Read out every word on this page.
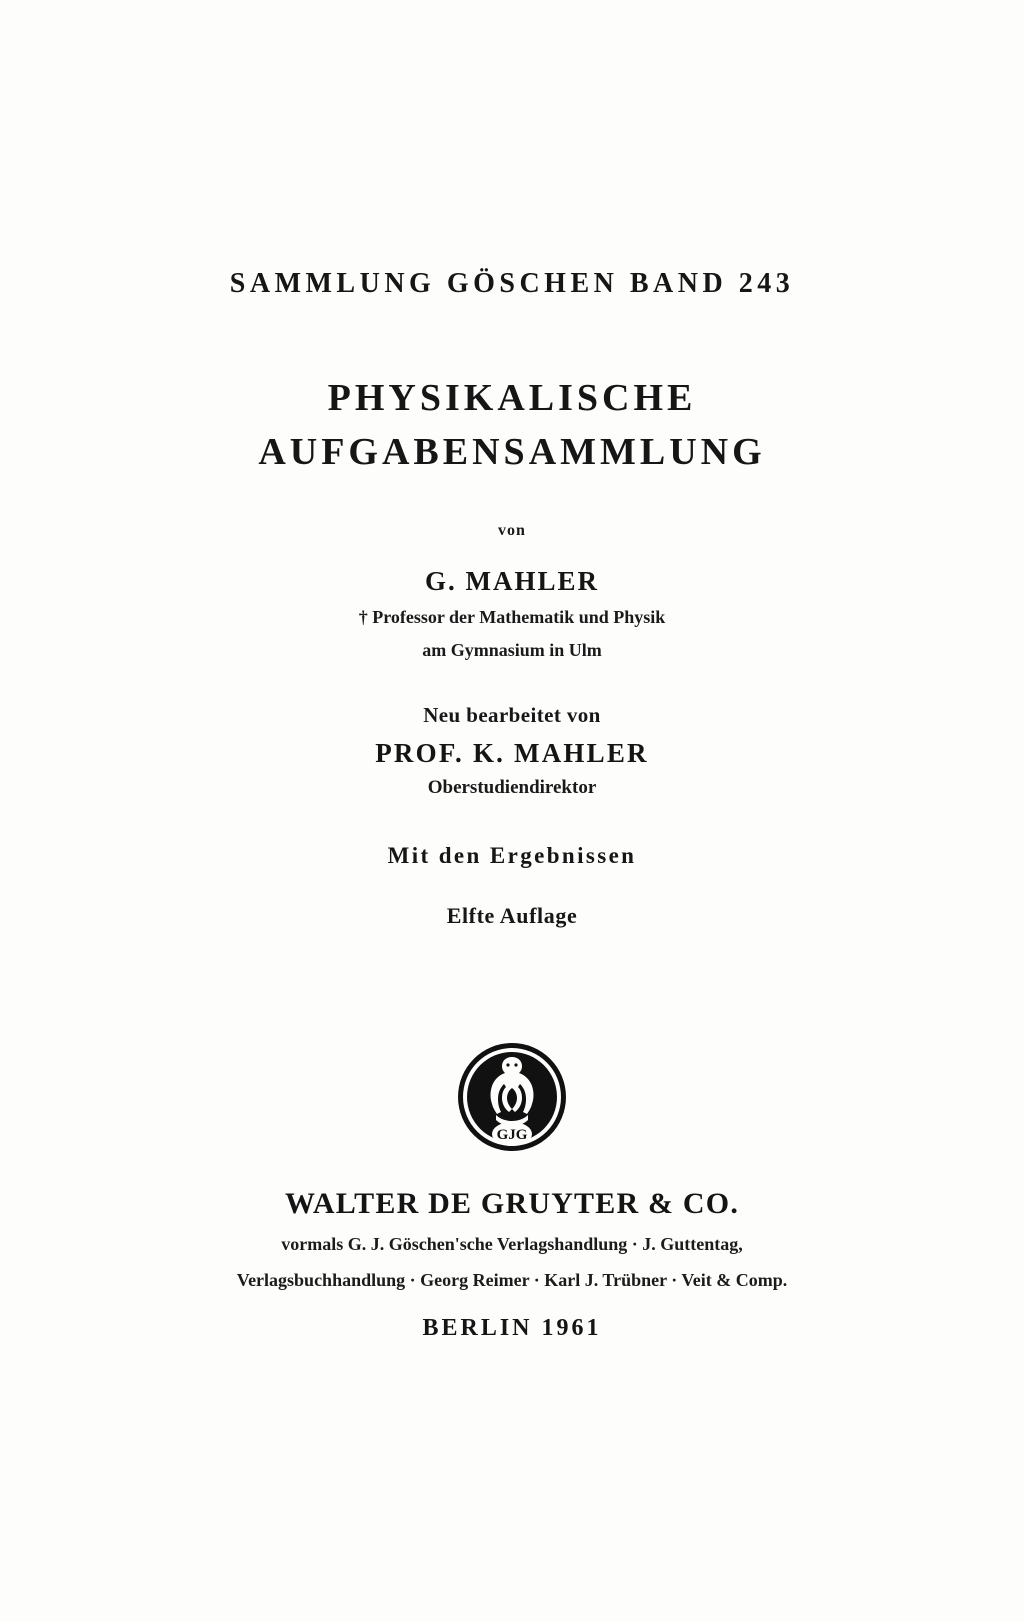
SAMMLUNG GÖSCHEN BAND 243
PHYSIKALISCHE
AUFGABENSAMMLUNG
von
G. MAHLER
† Professor der Mathematik und Physik
am Gymnasium in Ulm
Neu bearbeitet von
PROF. K. MAHLER
Oberstudiendirektor
Mit den Ergebnissen
Elfte Auflage
GJG
WALTER DE GRUYTER & CO.
vormals G. J. Göschen'sche Verlagshandlung · J. Guttentag,
Verlagsbuchhandlung · Georg Reimer · Karl J. Trübner · Veit & Comp.
BERLIN 1961
